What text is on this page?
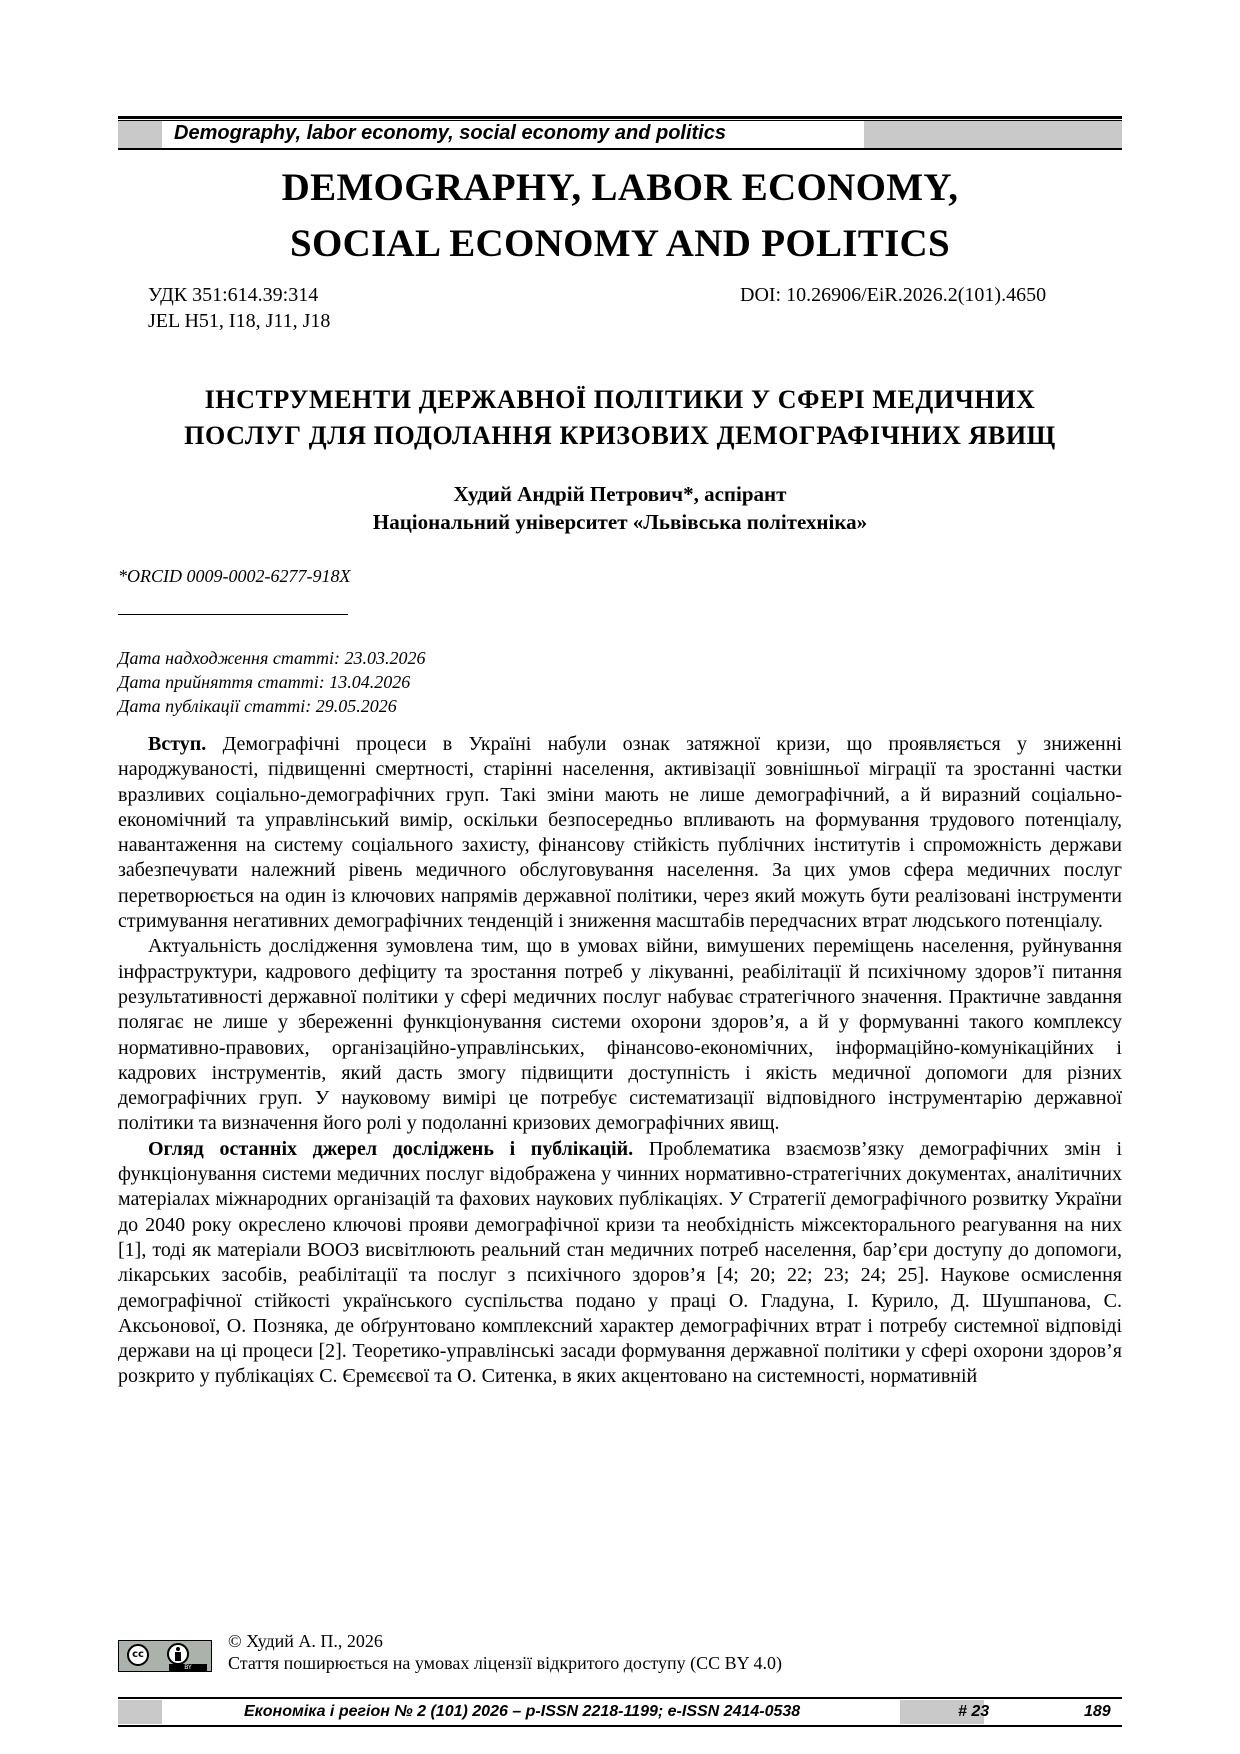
Demography, labor economy, social economy and politics
DEMOGRAPHY, LABOR ECONOMY,
SOCIAL ECONOMY AND POLITICS
УДК 351:614.39:314
JEL H51, I18, J11, J18
DOI: 10.26906/EiR.2026.2(101).4650
ІНСТРУМЕНТИ ДЕРЖАВНОЇ ПОЛІТИКИ У СФЕРІ МЕДИЧНИХ
ПОСЛУГ ДЛЯ ПОДОЛАННЯ КРИЗОВИХ ДЕМОГРАФІЧНИХ ЯВИЩ
Худий Андрій Петрович*, аспірант
Національний університет «Львівська політехніка»
*ORCID 0009-0002-6277-918X
Дата надходження статті: 23.03.2026
Дата прийняття статті: 13.04.2026
Дата публікації статті: 29.05.2026

Вступ. Демографічні процеси в Україні набули ознак затяжної кризи, що проявляється у зниженні народжуваності, підвищенні смертності, старінні населення, активізації зовнішньої міграції та зростанні частки вразливих соціально-демографічних груп. Такі зміни мають не лише демографічний, а й виразний соціально-економічний та управлінський вимір, оскільки безпосередньо впливають на формування трудового потенціалу, навантаження на систему соціального захисту, фінансову стійкість публічних інститутів і спроможність держави забезпечувати належний рівень медичного обслуговування населення. За цих умов сфера медичних послуг перетворюється на один із ключових напрямів державної політики, через який можуть бути реалізовані інструменти стримування негативних демографічних тенденцій і зниження масштабів передчасних втрат людського потенціалу.

Актуальність дослідження зумовлена тим, що в умовах війни, вимушених переміщень населення, руйнування інфраструктури, кадрового дефіциту та зростання потреб у лікуванні, реабілітації й психічному здоров’ї питання результативності державної політики у сфері медичних послуг набуває стратегічного значення. Практичне завдання полягає не лише у збереженні функціонування системи охорони здоров’я, а й у формуванні такого комплексу нормативно-правових, організаційно-управлінських, фінансово-економічних, інформаційно-комунікаційних і кадрових інструментів, який дасть змогу підвищити доступність і якість медичної допомоги для різних демографічних груп. У науковому вимірі це потребує систематизації відповідного інструментарію державної політики та визначення його ролі у подоланні кризових демографічних явищ.

Огляд останніх джерел досліджень і публікацій. Проблематика взаємозв’язку демографічних змін і функціонування системи медичних послуг відображена у чинних нормативно-стратегічних документах, аналітичних матеріалах міжнародних організацій та фахових наукових публікаціях. У Стратегії демографічного розвитку України до 2040 року окреслено ключові прояви демографічної кризи та необхідність міжсекторального реагування на них [1], тоді як матеріали ВООЗ висвітлюють реальний стан медичних потреб населення, бар’єри доступу до допомоги, лікарських засобів, реабілітації та послуг з психічного здоров’я [4; 20; 22; 23; 24; 25]. Наукове осмислення демографічної стійкості українського суспільства подано у праці О. Гладуна, І. Курило, Д. Шушпанова, С. Аксьонової, О. Позняка, де обґрунтовано комплексний характер демографічних втрат і потребу системної відповіді держави на ці процеси [2]. Теоретико-управлінські засади формування державної політики у сфері охорони здоров’я розкрито у публікаціях С. Єремєєвої та О. Ситенка, в яких акцентовано на системності, нормативній

cc
BY
© Худий А. П., 2026
Стаття поширюється на умовах ліцензії відкритого доступу (CC BY 4.0)
Економіка і регіон № 2 (101) 2026 – p-ISSN 2218-1199; e-ISSN 2414-0538	# 23	189
